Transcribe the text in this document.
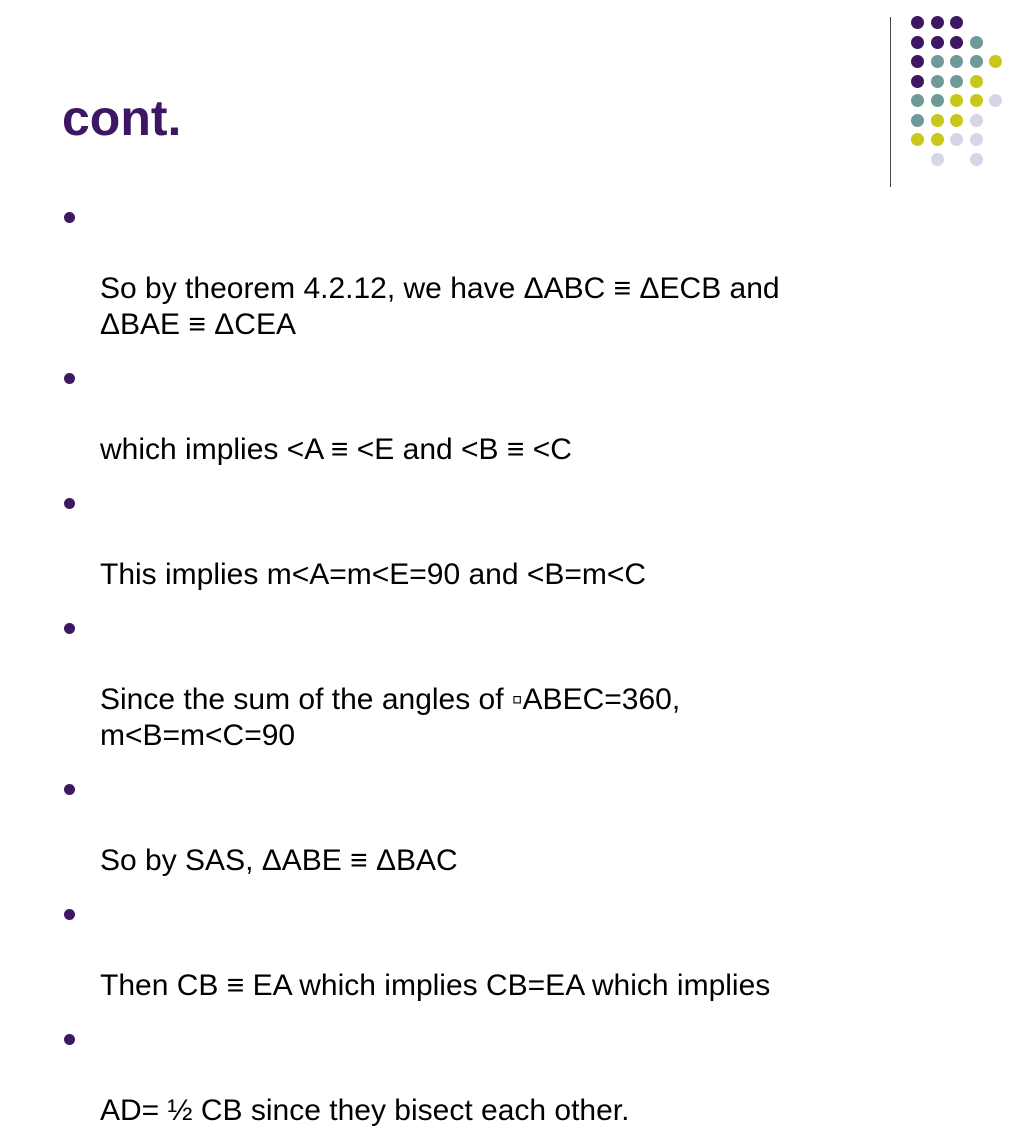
cont.

So by theorem 4.2.12, we have ΔABC ≡ ΔECB and
ΔBAE ≡ ΔCEA

which implies <A ≡ <E and <B ≡ <C

This implies m<A=m<E=90 and <B=m<C

Since the sum of the angles of ▫ABEC=360,
m<B=m<C=90

So by SAS, ΔABE ≡ ΔBAC

Then CB ≡ EA which implies CB=EA which implies

AD= ½ CB since they bisect each other.
